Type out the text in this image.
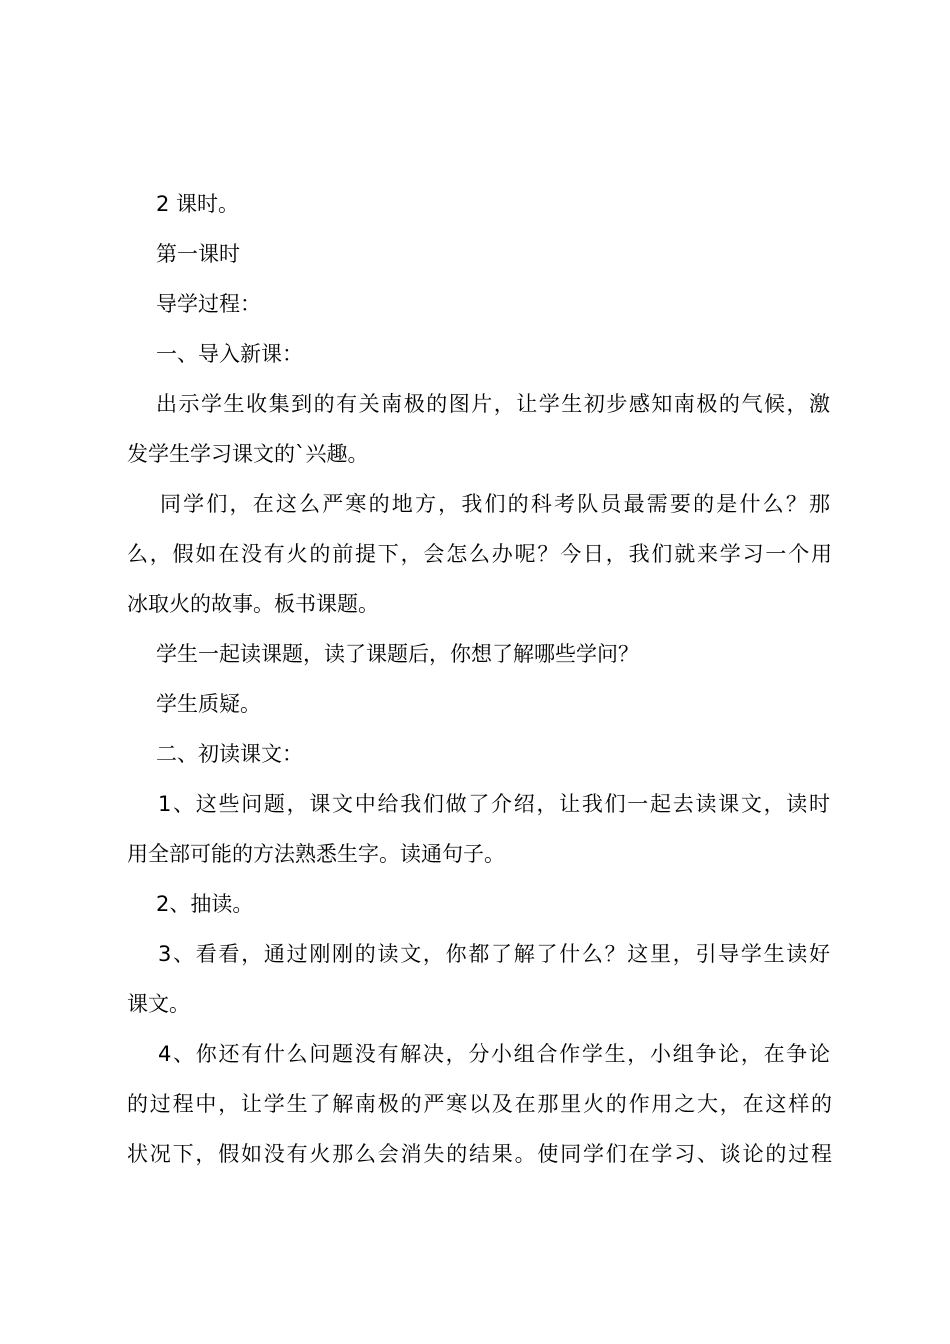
2 课时。
第一课时
导学过程：
一、导入新课：
出示学生收集到的有关南极的图片，让学生初步感知南极的气候，激
发学生学习课文的`兴趣。
同学们，在这么严寒的地方，我们的科考队员最需要的是什么？那
么，假如在没有火的前提下，会怎么办呢？今日，我们就来学习一个用
冰取火的故事。板书课题。
学生一起读课题，读了课题后，你想了解哪些学问？
学生质疑。
二、初读课文：
1、这些问题，课文中给我们做了介绍，让我们一起去读课文，读时
用全部可能的方法熟悉生字。读通句子。
2、抽读。
3、看看，通过刚刚的读文，你都了解了什么？这里，引导学生读好
课文。
4、你还有什么问题没有解决，分小组合作学生，小组争论，在争论
的过程中，让学生了解南极的严寒以及在那里火的作用之大，在这样的
状况下，假如没有火那么会消失的结果。使同学们在学习、谈论的过程
